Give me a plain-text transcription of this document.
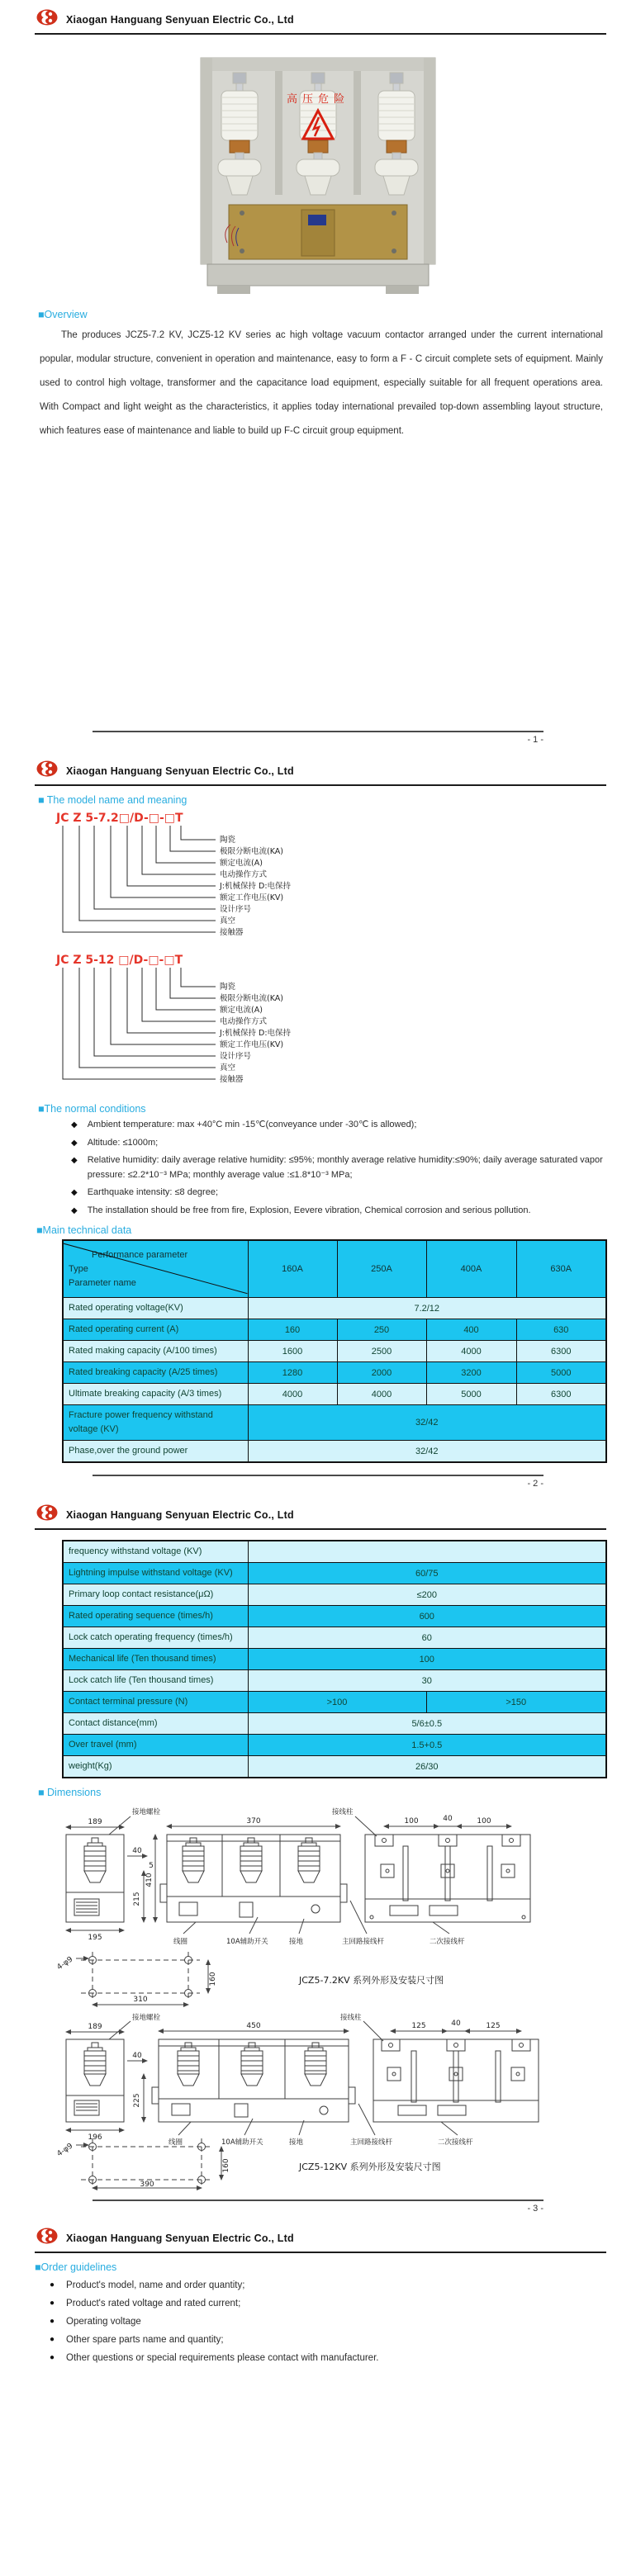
Xiaogan Hanguang Senyuan Electric Co., Ltd
高压危险
■Overview
The produces JCZ5-7.2 KV, JCZ5-12 KV series ac high voltage vacuum contactor arranged under the current international popular, modular structure, convenient in operation and maintenance, easy to form a F - C circuit complete sets of equipment. Mainly used to control high voltage, transformer and the capacitance load equipment, especially suitable for all frequent operations area. With Compact and light weight as the characteristics, it applies today international prevailed top-down assembling layout structure, which features ease of maintenance and liable to build up F-C circuit group equipment.
- 1 -
Xiaogan Hanguang Senyuan Electric Co., Ltd
■ The model name and meaning
JC Z 5-7.2□/D-□-□T
陶瓷
极限分断电流(KA)
额定电流(A)
电动操作方式
J:机械保持 D:电保持
额定工作电压(KV)
设计序号
真空
接触器
JC Z 5-12 □/D-□-□T
陶瓷
极限分断电流(KA)
额定电流(A)
电动操作方式
J:机械保持 D:电保持
额定工作电压(KV)
设计序号
真空
接触器
■The normal conditions
◆ Ambient temperature: max +40°C min -15℃(conveyance under -30℃ is allowed);
◆ Altitude: ≤1000m;
◆ Relative humidity: daily average relative humidity: ≤95%; monthly average relative humidity:≤90%; daily average saturated vapor pressure: ≤2.2*10⁻³ MPa; monthly average value :≤1.8*10⁻³ MPa;
◆ Earthquake intensity: ≤8 degree;
◆ The installation should be free from fire, Explosion, Eevere vibration, Chemical corrosion and serious pollution.
■Main technical data
Performance parameter
Type
Parameter name	160A	250A	400A	630A
Rated operating voltage(KV)	7.2/12			
Rated operating current (A)	160	250	400	630
Rated making capacity (A/100 times)	1600	2500	4000	6300
Rated breaking capacity (A/25 times)	1280	2000	3200	5000
Ultimate breaking capacity (A/3 times)	4000	4000	5000	6300
Fracture power frequency withstand voltage (KV)	32/42			
Phase,over the ground power	32/42			
- 2 -
Xiaogan Hanguang Senyuan Electric Co., Ltd
frequency withstand voltage (KV)		
Lightning impulse withstand voltage (KV)	60/75	
Primary loop contact resistance(μΩ)	≤200	
Rated operating sequence (times/h)	600	
Lock catch operating frequency (times/h)	60	
Mechanical life (Ten thousand times)	100	
Lock catch life (Ten thousand times)	30	
Contact terminal pressure (N)	>100	>150
Contact distance(mm)	5/6±0.5	
Over travel (mm)	1.5+0.5	
weight(Kg)	26/30	
■ Dimensions
189
195
40
5
215
370
410
100	40	100
4-φ9
160
310
接地螺栓	接线柱
线圈	10A辅助开关	接地	主回路接线杆	二次接线杆
JCZ5-7.2KV 系列外形及安装尺寸图
189
196
40
225
450	125	40	125
4-φ9
160
390
接地螺栓	接线柱
线圈	10A辅助开关	接地	主回路接线杆	二次接线杆
JCZ5-12KV 系列外形及安装尺寸图
- 3 -
Xiaogan Hanguang Senyuan Electric Co., Ltd
■Order guidelines
● Product's model, name and order quantity;
● Product's rated voltage and rated current;
● Operating voltage
● Other spare parts name and quantity;
● Other questions or special requirements please contact with manufacturer.
